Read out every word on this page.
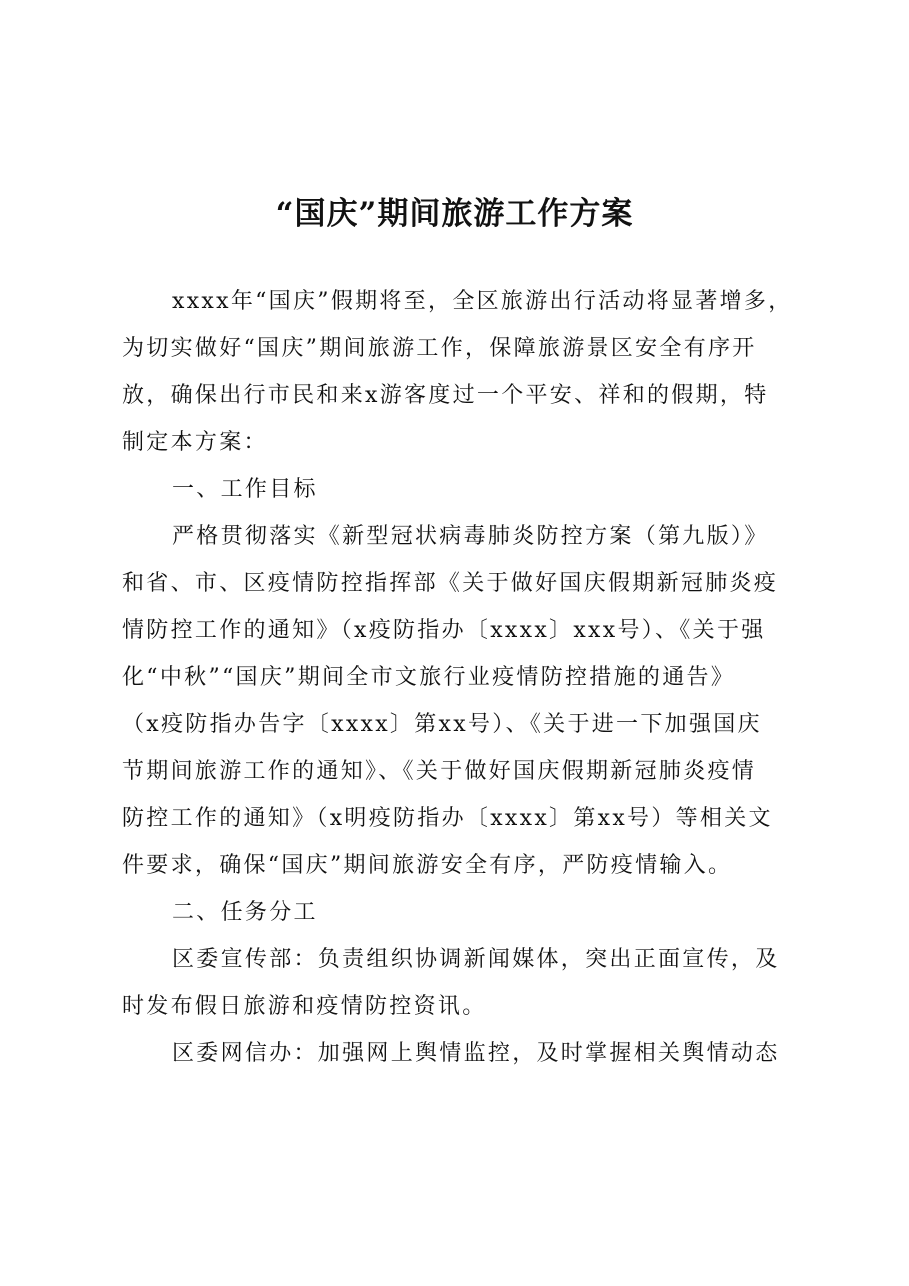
“国庆”期间旅游工作方案
xxxx年“国庆”假期将至，全区旅游出行活动将显著增多，
为切实做好“国庆”期间旅游工作，保障旅游景区安全有序开
放，确保出行市民和来x游客度过一个平安、祥和的假期，特
制定本方案：
一、工作目标
严格贯彻落实《新型冠状病毒肺炎防控方案（第九版）》
和省、市、区疫情防控指挥部《关于做好国庆假期新冠肺炎疫
情防控工作的通知》（x疫防指办〔xxxx〕xxx号）、《关于强
化“中秋”“国庆”期间全市文旅行业疫情防控措施的通告》
（x疫防指办告字〔xxxx〕第xx号）、《关于进一下加强国庆
节期间旅游工作的通知》、《关于做好国庆假期新冠肺炎疫情
防控工作的通知》（x明疫防指办〔xxxx〕第xx号）等相关文
件要求，确保“国庆”期间旅游安全有序，严防疫情输入。
二、任务分工
区委宣传部：负责组织协调新闻媒体，突出正面宣传，及
时发布假日旅游和疫情防控资讯。
区委网信办：加强网上舆情监控，及时掌握相关舆情动态
